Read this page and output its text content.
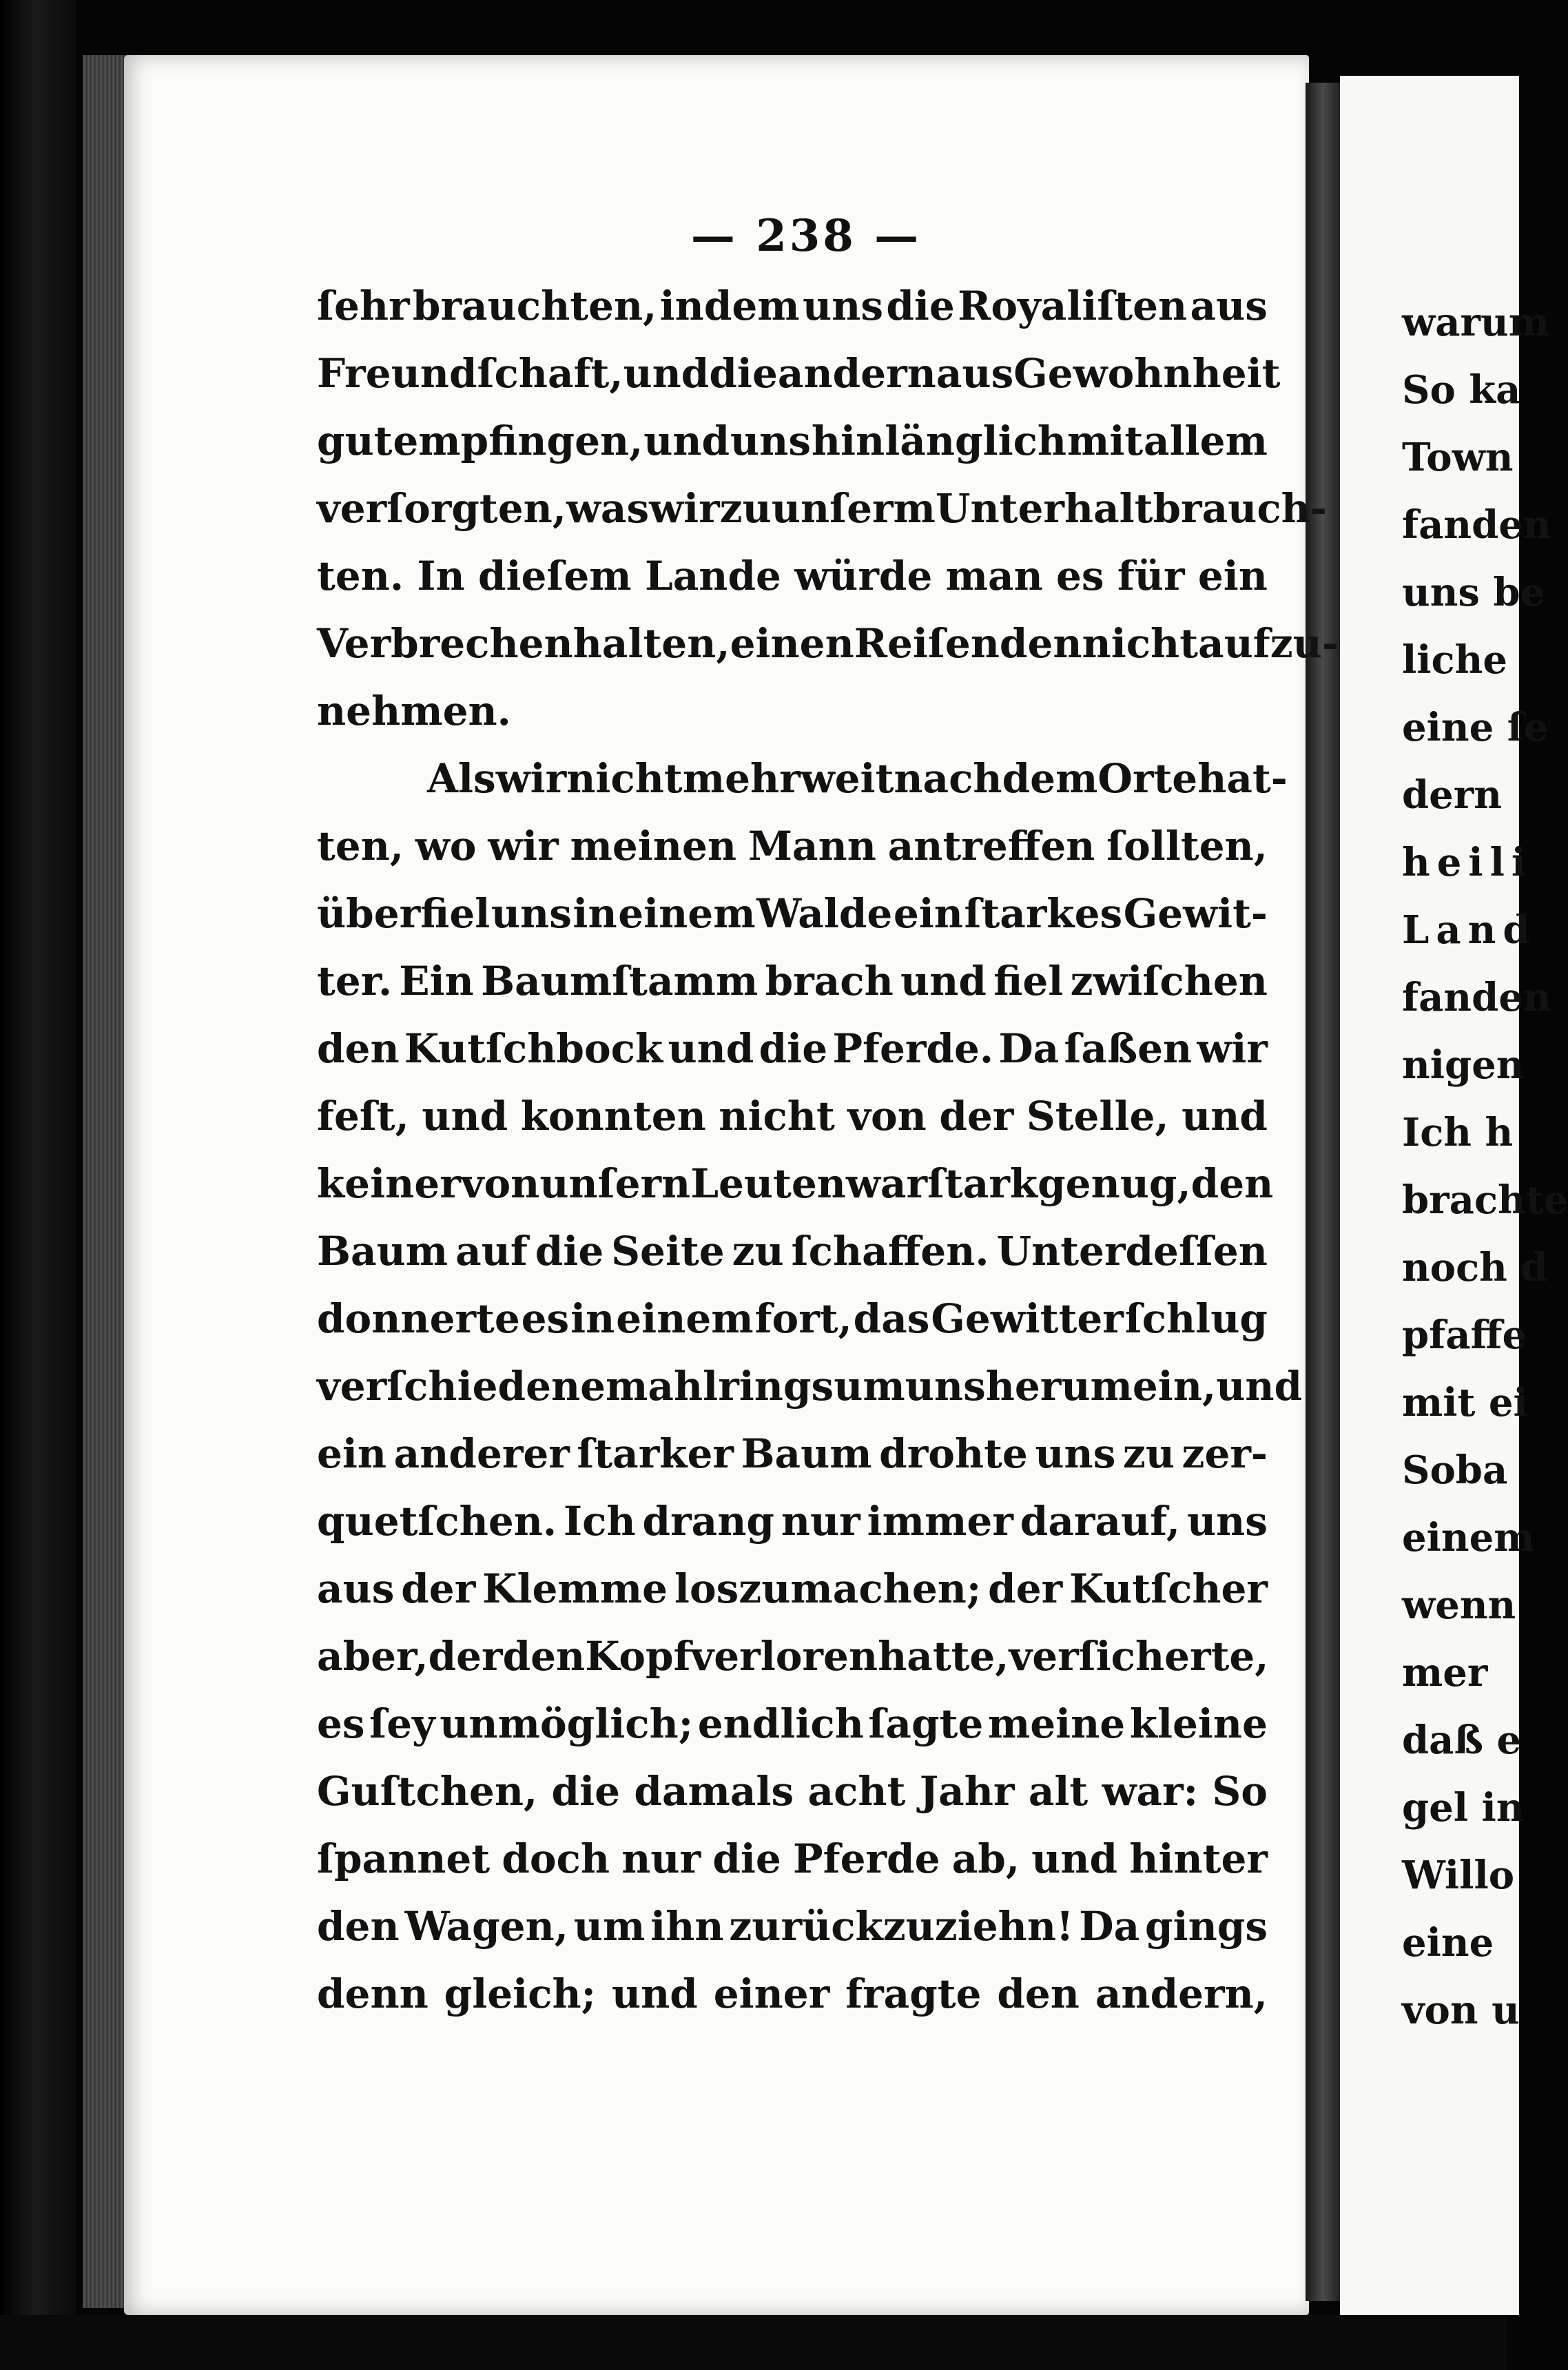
— 238 —
ſehr brauchten, indem uns die Royaliſten aus
Freundſchaft, und die andern aus Gewohnheit
gut empfingen, und uns hinlänglich mit allem
verſorgten, was wir zu unſerm Unterhalt brauch-
ten. In dieſem Lande würde man es für ein
Verbrechen halten, einen Reiſenden nicht aufzu-
nehmen.
Als wir nicht mehr weit nach dem Orte hat-
ten, wo wir meinen Mann antreffen ſollten,
überfiel uns in einem Walde ein ſtarkes Gewit-
ter. Ein Baumſtamm brach und fiel zwiſchen
den Kutſchbock und die Pferde. Da ſaßen wir
feſt, und konnten nicht von der Stelle, und
keiner von unſern Leuten war ſtark genug, den
Baum auf die Seite zu ſchaffen. Unterdeſſen
donnerte es in einem fort, das Gewitter ſchlug
verſchiedenemahl rings um uns herum ein, und
ein anderer ſtarker Baum drohte uns zu zer-
quetſchen. Ich drang nur immer darauf, uns
aus der Klemme loszumachen; der Kutſcher
aber, der den Kopf verloren hatte, verſicherte,
es ſey unmöglich; endlich ſagte meine kleine
Guſtchen, die damals acht Jahr alt war: So
ſpannet doch nur die Pferde ab, und hinter
den Wagen, um ihn zurückzuziehn! Da gings
denn gleich; und einer fragte den andern,
warum
So ka
Town
fanden
uns be
liche
eine ſe
dern
heili
Land
fanden
nigen
Ich h
brachte
noch d
pfaffe
mit ei
Soba
einem
wenn
mer
daß e
gel in
Willo
eine
von u
